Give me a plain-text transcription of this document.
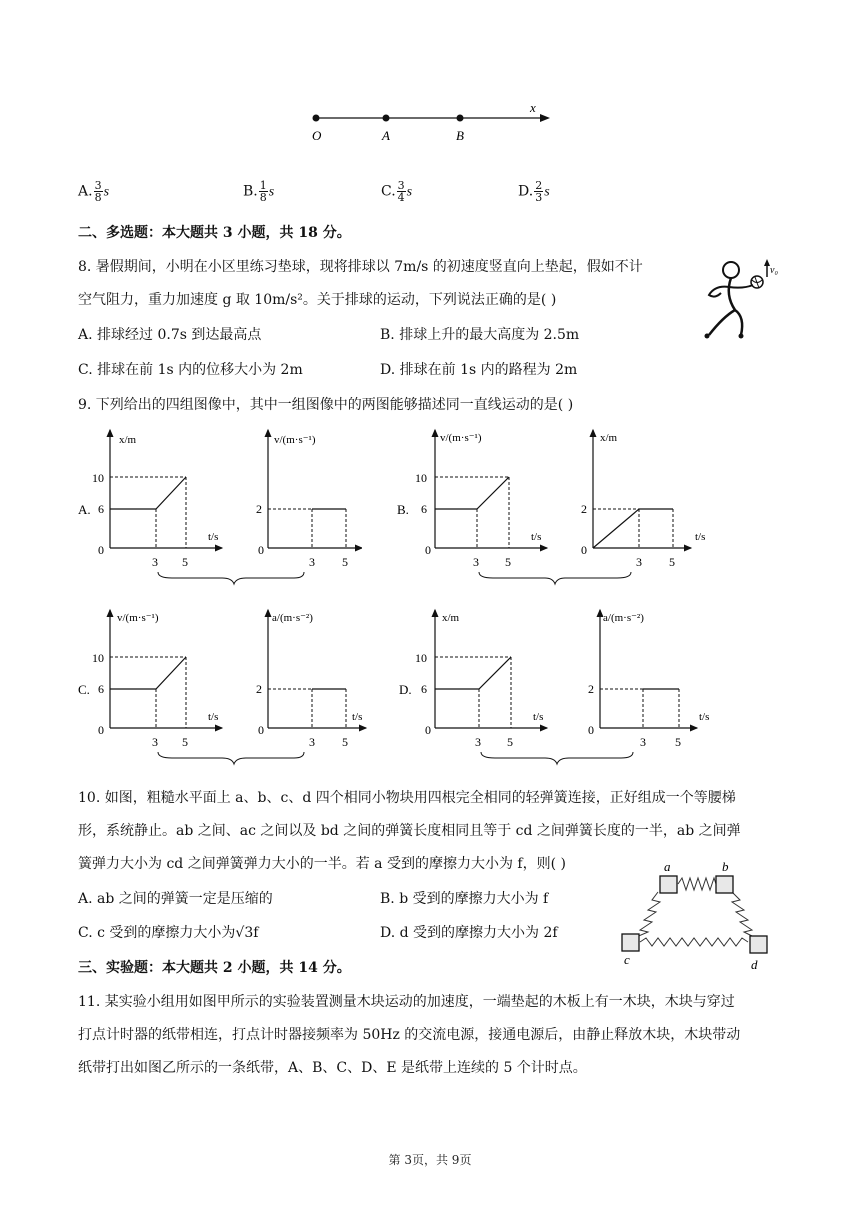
O	A	B
x
A. $\frac{3}{8}$ s	B. $\frac{1}{8}$ s	C. $\frac{3}{4}$ s	D. $\frac{2}{3}$ s
二、多选题：本大题共 3 小题，共 18 分。
8. 暑假期间，小明在小区里练习垫球，现将排球以 7m/s 的初速度竖直向上垫起，假如不计
空气阻力，重力加速度 g 取 10m/s²。关于排球的运动，下列说法正确的是( )
A. 排球经过 0.7s 到达最高点	B. 排球上升的最大高度为 2.5m
C. 排球在前 1s 内的位移大小为 2m	D. 排球在前 1s 内的路程为 2m
v₀
9. 下列给出的四组图像中，其中一组图像中的两图能够描述同一直线运动的是( )
A.
x/m
10
6
0
3 5
t/s
v/(m·s⁻¹)
2
0
3 5
B.
v/(m·s⁻¹)
10
6
0
3 5
t/s
x/m
2
0
3 5
t/s
C.
v/(m·s⁻¹)
10
6
0
3 5
t/s
a/(m·s⁻²)
2
0
3 5
t/s
D.
x/m
10
6
0
3 5
t/s
a/(m·s⁻²)
2
0
3 5
t/s
10. 如图，粗糙水平面上 a、b、c、d 四个相同小物块用四根完全相同的轻弹簧连接，正好组成一个等腰梯
形，系统静止。ab 之间、ac 之间以及 bd 之间的弹簧长度相同且等于 cd 之间弹簧长度的一半，ab 之间弹
簧弹力大小为 cd 之间弹簧弹力大小的一半。若 a 受到的摩擦力大小为 f，则( )
A. ab 之间的弹簧一定是压缩的	B. b 受到的摩擦力大小为 f
C. c 受到的摩擦力大小为√3f	D. d 受到的摩擦力大小为 2f
a	b
c	d
三、实验题：本大题共 2 小题，共 14 分。
11. 某实验小组用如图甲所示的实验装置测量木块运动的加速度，一端垫起的木板上有一木块，木块与穿过
打点计时器的纸带相连，打点计时器接频率为 50Hz 的交流电源，接通电源后，由静止释放木块，木块带动
纸带打出如图乙所示的一条纸带，A、B、C、D、E 是纸带上连续的 5 个计时点。
第 3页，共 9页
